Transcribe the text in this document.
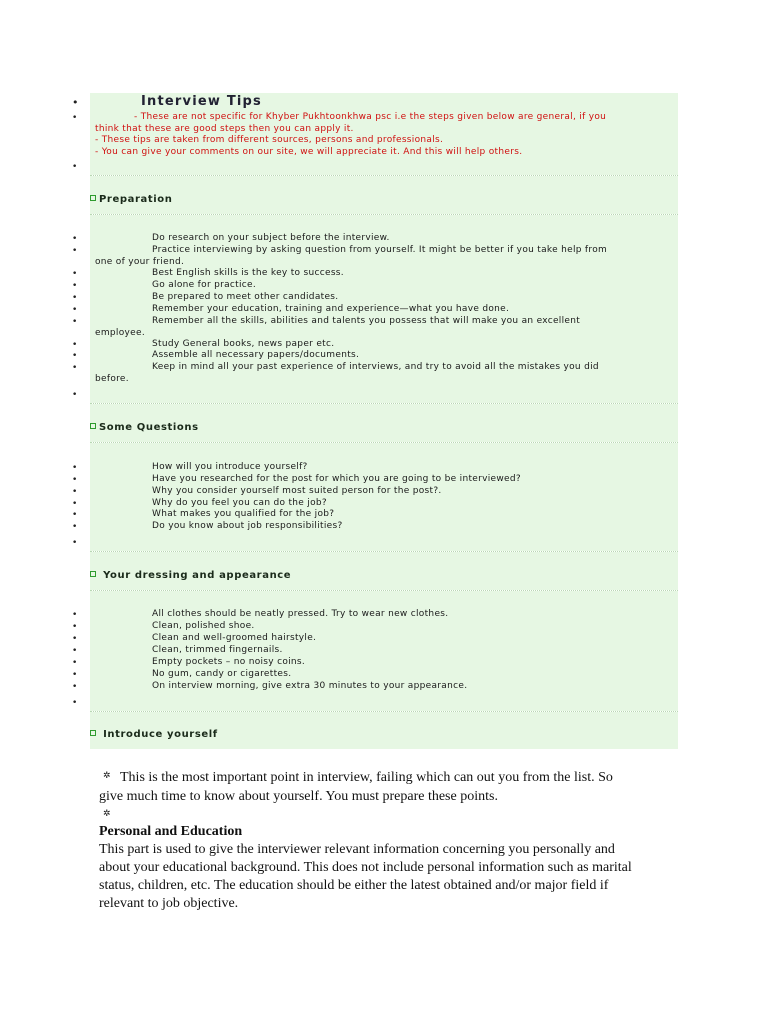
•	Interview Tips
•	- These are not specific for Khyber Pukhtoonkhwa psc i.e the steps given below are general, if you
think that these are good steps then you can apply it.
- These tips are taken from different sources, persons and professionals.
- You can give your comments on our site, we will appreciate it. And this will help others.
•
Preparation
•	Do research on your subject before the interview.
•	Practice interviewing by asking question from yourself. It might be better if you take help from
one of your friend.
•	Best English skills is the key to success.
•	Go alone for practice.
•	Be prepared to meet other candidates.
•	Remember your education, training and experience—what you have done.
•	Remember all the skills, abilities and talents you possess that will make you an excellent
employee.
•	Study General books, news paper etc.
•	Assemble all necessary papers/documents.
•	Keep in mind all your past experience of interviews, and try to avoid all the mistakes you did
before.
•
Some Questions
•	How will you introduce yourself?
•	Have you researched for the post for which you are going to be interviewed?
•	Why you consider yourself most suited person for the post?.
•	Why do you feel you can do the job?
•	What makes you qualified for the job?
•	Do you know about job responsibilities?
•
Your dressing and appearance
•	All clothes should be neatly pressed. Try to wear new clothes.
•	Clean, polished shoe.
•	Clean and well-groomed hairstyle.
•	Clean, trimmed fingernails.
•	Empty pockets – no noisy coins.
•	No gum, candy or cigarettes.
•	On interview morning, give extra 30 minutes to your appearance.
•
Introduce yourself
✲ This is the most important point in interview, failing which can out you from the list. So
give much time to know about yourself. You must prepare these points.
✲
Personal and Education
This part is used to give the interviewer relevant information concerning you personally and
about your educational background. This does not include personal information such as marital
status, children, etc. The education should be either the latest obtained and/or major field if
relevant to job objective.
